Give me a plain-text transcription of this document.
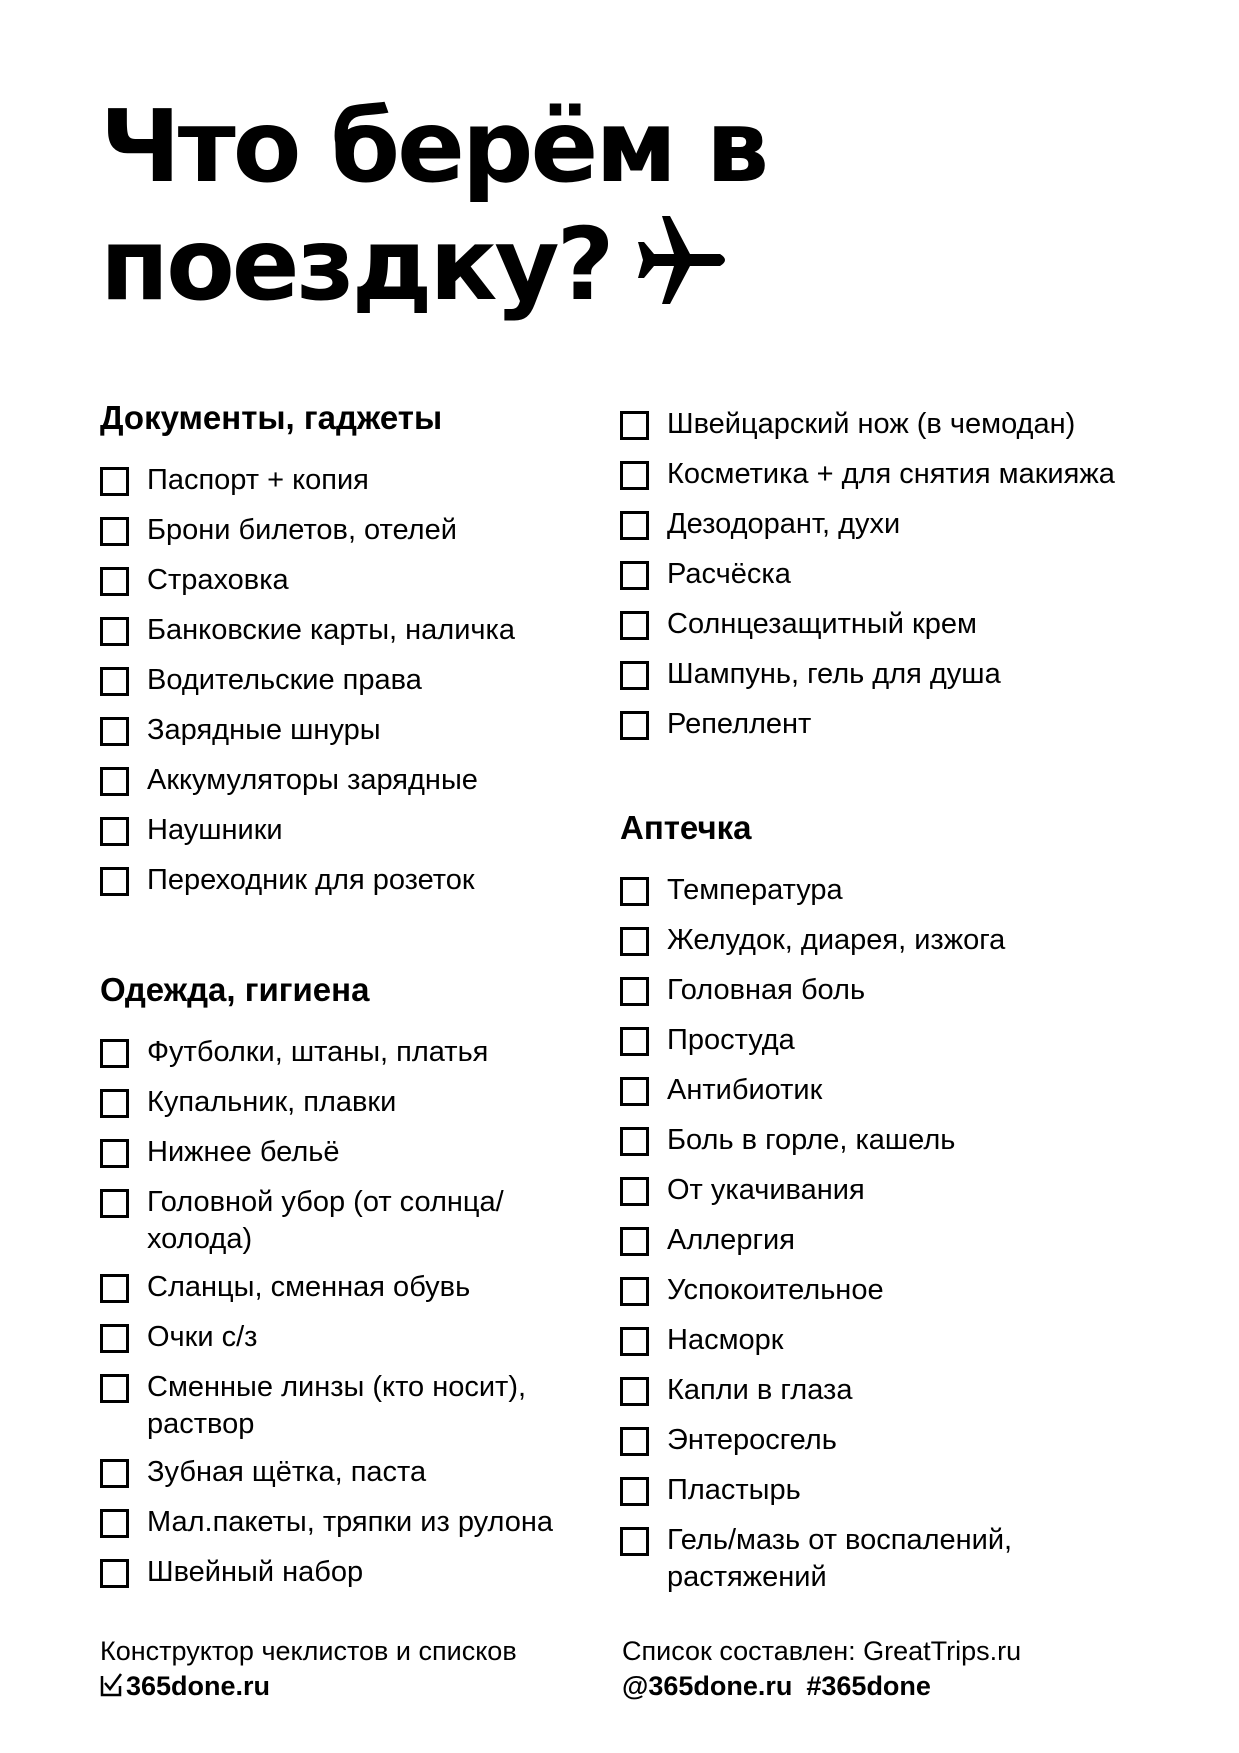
Что берём в
поездку?
Документы, гаджеты
Паспорт + копия
Брони билетов, отелей
Страховка
Банковские карты, наличка
Водительские права
Зарядные шнуры
Аккумуляторы зарядные
Наушники
Переходник для розеток
Одежда, гигиена
Футболки, штаны, платья
Купальник, плавки
Нижнее бельё
Головной убор (от солнца/ холода)
Сланцы, сменная обувь
Очки с/з
Сменные линзы (кто носит), раствор
Зубная щётка, паста
Мал.пакеты, тряпки из рулона
Швейный набор
Швейцарский нож (в чемодан)
Косметика + для снятия макияжа
Дезодорант, духи
Расчёска
Солнцезащитный крем
Шампунь, гель для душа
Репеллент
Аптечка
Температура
Желудок, диарея, изжога
Головная боль
Простуда
Антибиотик
Боль в горле, кашель
От укачивания
Аллергия
Успокоительное
Насморк
Капли в глаза
Энтеросгель
Пластырь
Гель/мазь от воспалений, растяжений
Конструктор чеклистов и списков
365done.ru
Список составлен: GreatTrips.ru
@365done.ru #365done
